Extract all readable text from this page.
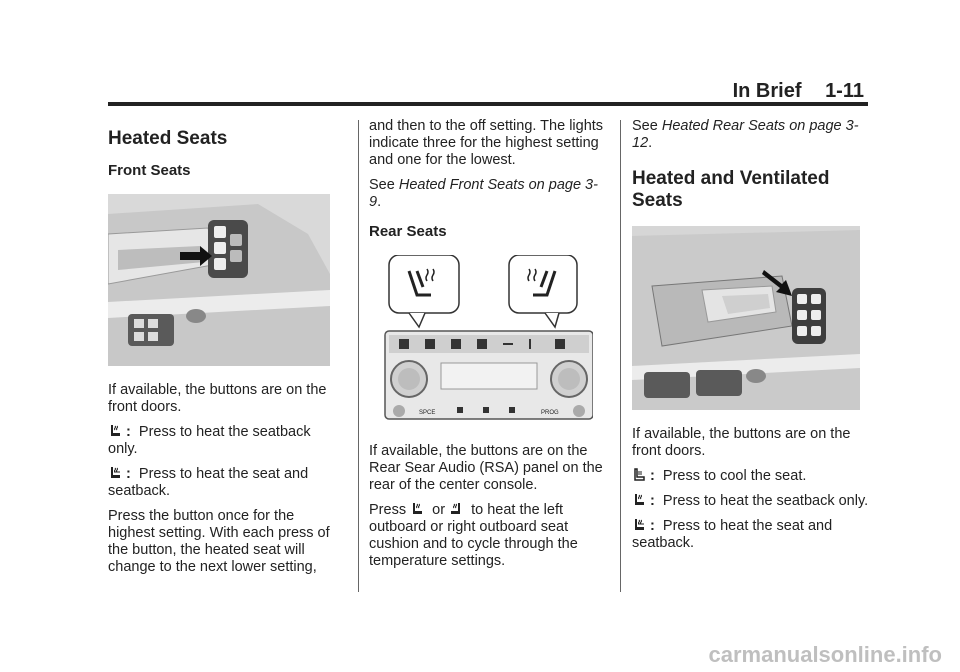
In Brief 1-11
Heated Seats
Front Seats

If available, the buttons are on the front doors.

: Press to heat the seatback only.

: Press to heat the seat and seatback.

Press the button once for the highest setting. With each press of the button, the heated seat will change to the next lower setting,

and then to the off setting. The lights indicate three for the highest setting and one for the lowest.

See Heated Front Seats on page 3-9.

Rear Seats
SPCE	PROG

If available, the buttons are on the Rear Sear Audio (RSA) panel on the rear of the center console.

Press or to heat the left outboard or right outboard seat cushion and to cycle through the temperature settings.

See Heated Rear Seats on page 3-12.

Heated and Ventilated Seats

If available, the buttons are on the front doors.

: Press to cool the seat.

: Press to heat the seatback only.

: Press to heat the seat and seatback.

carmanualsonline.info
